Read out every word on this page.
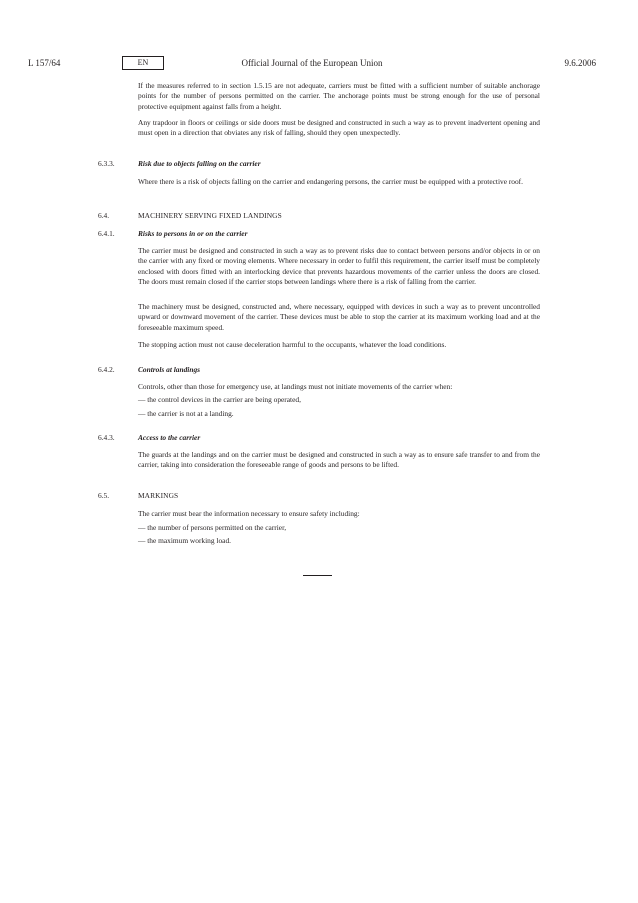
L 157/64	EN	Official Journal of the European Union	9.6.2006
If the measures referred to in section 1.5.15 are not adequate, carriers must be fitted with a sufficient number of suitable anchorage points for the number of persons permitted on the carrier. The anchorage points must be strong enough for the use of personal protective equipment against falls from a height.
Any trapdoor in floors or ceilings or side doors must be designed and constructed in such a way as to prevent inadvertent opening and must open in a direction that obviates any risk of falling, should they open unexpectedly.
6.3.3.	Risk due to objects falling on the carrier
Where there is a risk of objects falling on the carrier and endangering persons, the carrier must be equipped with a protective roof.
6.4.	MACHINERY SERVING FIXED LANDINGS
6.4.1.	Risks to persons in or on the carrier
The carrier must be designed and constructed in such a way as to prevent risks due to contact between persons and/or objects in or on the carrier with any fixed or moving elements. Where necessary in order to fulfil this requirement, the carrier itself must be completely enclosed with doors fitted with an interlocking device that prevents hazardous movements of the carrier unless the doors are closed. The doors must remain closed if the carrier stops between landings where there is a risk of falling from the carrier.
The machinery must be designed, constructed and, where necessary, equipped with devices in such a way as to prevent uncontrolled upward or downward movement of the carrier. These devices must be able to stop the carrier at its maximum working load and at the foreseeable maximum speed.
The stopping action must not cause deceleration harmful to the occupants, whatever the load conditions.
6.4.2.	Controls at landings
Controls, other than those for emergency use, at landings must not initiate movements of the carrier when:
— the control devices in the carrier are being operated,
— the carrier is not at a landing.
6.4.3.	Access to the carrier
The guards at the landings and on the carrier must be designed and constructed in such a way as to ensure safe transfer to and from the carrier, taking into consideration the foreseeable range of goods and persons to be lifted.
6.5.	MARKINGS
The carrier must bear the information necessary to ensure safety including:
— the number of persons permitted on the carrier,
— the maximum working load.
